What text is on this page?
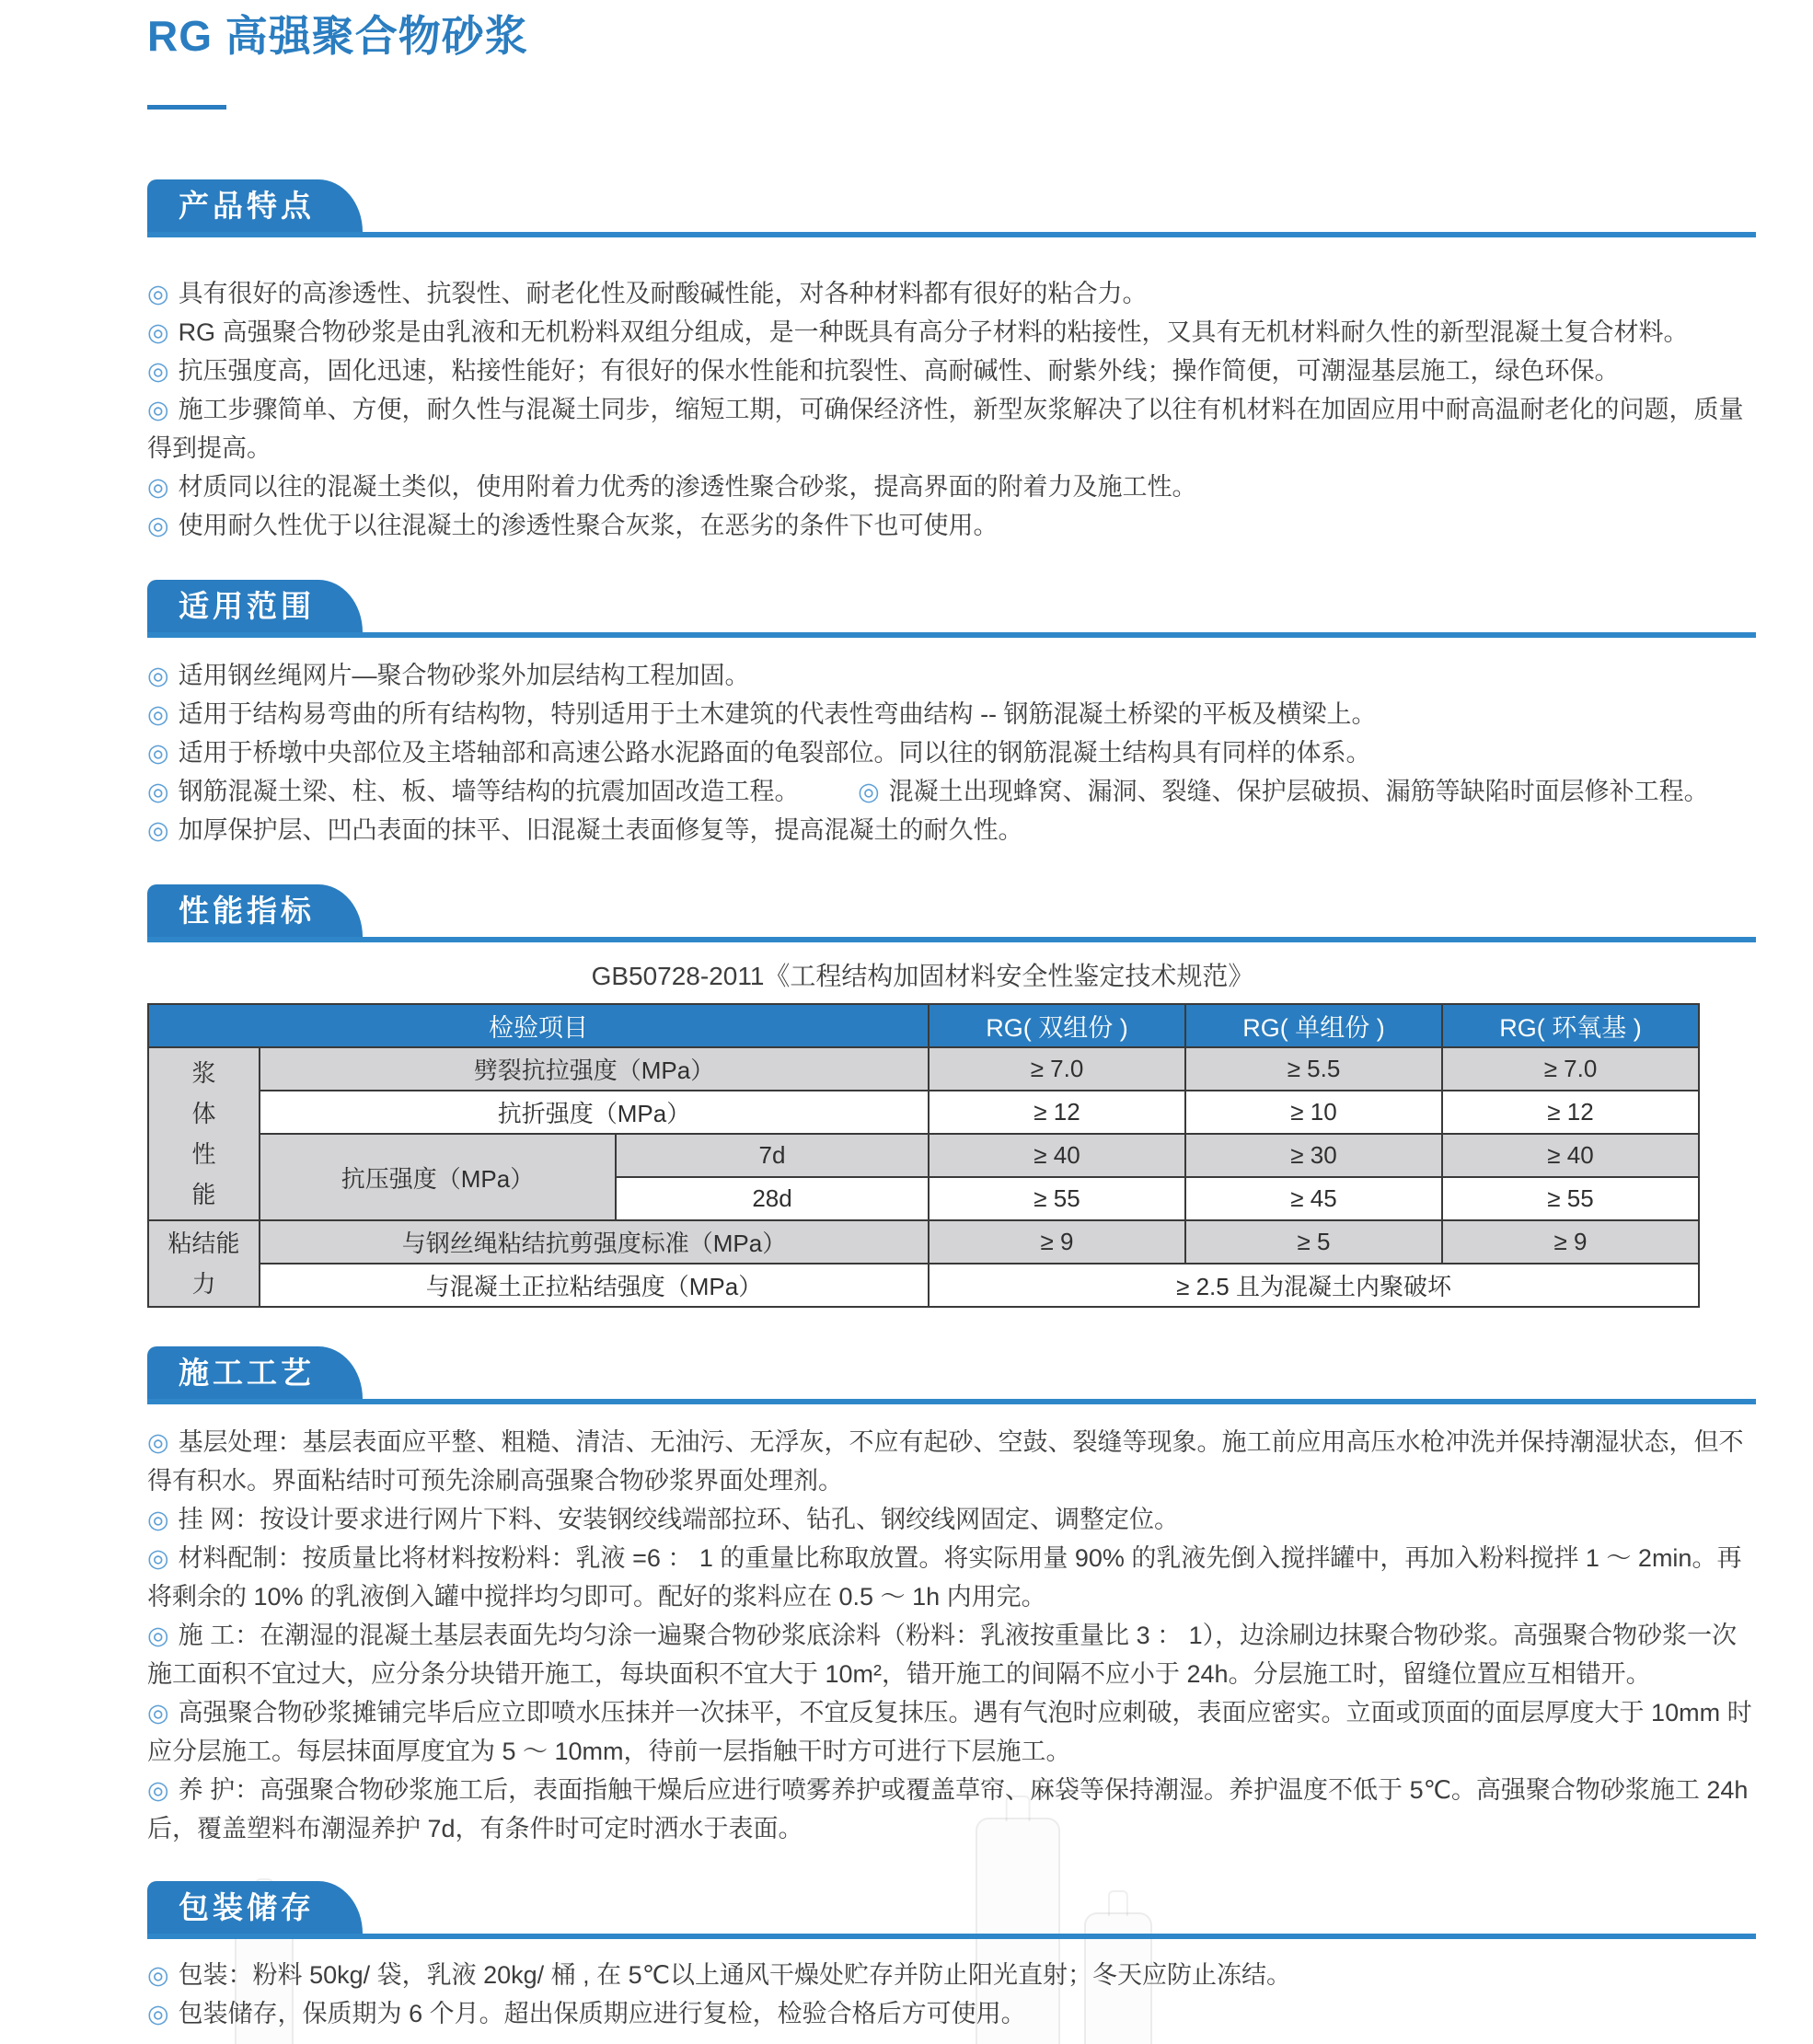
RG 高强聚合物砂浆
产品特点

◎ 具有很好的高渗透性、抗裂性、耐老化性及耐酸碱性能，对各种材料都有很好的粘合力。

◎ RG 高强聚合物砂浆是由乳液和无机粉料双组分组成，是一种既具有高分子材料的粘接性，又具有无机材料耐久性的新型混凝土复合材料。

◎ 抗压强度高，固化迅速，粘接性能好；有很好的保水性能和抗裂性、高耐碱性、耐紫外线；操作简便，可潮湿基层施工，绿色环保。

◎ 施工步骤简单、方便，耐久性与混凝土同步，缩短工期，可确保经济性，新型灰浆解决了以往有机材料在加固应用中耐高温耐老化的问题，质量得到提高。

◎ 材质同以往的混凝土类似，使用附着力优秀的渗透性聚合砂浆，提高界面的附着力及施工性。

◎ 使用耐久性优于以往混凝土的渗透性聚合灰浆，在恶劣的条件下也可使用。

适用范围

◎ 适用钢丝绳网片—聚合物砂浆外加层结构工程加固。

◎ 适用于结构易弯曲的所有结构物，特别适用于土木建筑的代表性弯曲结构 -- 钢筋混凝土桥梁的平板及横梁上。

◎ 适用于桥墩中央部位及主塔轴部和高速公路水泥路面的龟裂部位。同以往的钢筋混凝土结构具有同样的体系。

◎ 钢筋混凝土梁、柱、板、墙等结构的抗震加固改造工程。 ◎ 混凝土出现蜂窝、漏洞、裂缝、保护层破损、漏筋等缺陷时面层修补工程。

◎ 加厚保护层、凹凸表面的抹平、旧混凝土表面修复等，提高混凝土的耐久性。

性能指标
GB50728-2011《工程结构加固材料安全性鉴定技术规范》
检验项目			RG( 双组份 )	RG( 单组份 )	RG( 环氧基 )

浆体性能	劈裂抗拉强度（MPa）		≥ 7.0	≥ 5.5	≥ 7.0
	抗折强度（MPa）		≥ 12	≥ 10	≥ 12
	抗压强度（MPa）	7d	≥ 40	≥ 30	≥ 40
		28d	≥ 55	≥ 45	≥ 55

粘结能力	与钢丝绳粘结抗剪强度标准（MPa）		≥ 9	≥ 5	≥ 9
	与混凝土正拉粘结强度（MPa）		≥ 2.5 且为混凝土内聚破坏		
施工工艺

◎ 基层处理：基层表面应平整、粗糙、清洁、无油污、无浮灰，不应有起砂、空鼓、裂缝等现象。施工前应用高压水枪冲洗并保持潮湿状态，但不得有积水。界面粘结时可预先涂刷高强聚合物砂浆界面处理剂。

◎ 挂 网：按设计要求进行网片下料、安装钢绞线端部拉环、钻孔、钢绞线网固定、调整定位。

◎ 材料配制：按质量比将材料按粉料：乳液 =6 ： 1 的重量比称取放置。将实际用量 90% 的乳液先倒入搅拌罐中，再加入粉料搅拌 1 ～ 2min。再将剩余的 10% 的乳液倒入罐中搅拌均匀即可。配好的浆料应在 0.5 ～ 1h 内用完。

◎ 施 工：在潮湿的混凝土基层表面先均匀涂一遍聚合物砂浆底涂料（粉料：乳液按重量比 3 ： 1），边涂刷边抹聚合物砂浆。高强聚合物砂浆一次施工面积不宜过大，应分条分块错开施工，每块面积不宜大于 10m²，错开施工的间隔不应小于 24h。分层施工时，留缝位置应互相错开。

◎ 高强聚合物砂浆摊铺完毕后应立即喷水压抹并一次抹平，不宜反复抹压。遇有气泡时应刺破，表面应密实。立面或顶面的面层厚度大于 10mm 时应分层施工。每层抹面厚度宜为 5 ～ 10mm，待前一层指触干时方可进行下层施工。

◎ 养 护：高强聚合物砂浆施工后，表面指触干燥后应进行喷雾养护或覆盖草帘、麻袋等保持潮湿。养护温度不低于 5℃。高强聚合物砂浆施工 24h 后，覆盖塑料布潮湿养护 7d，有条件时可定时洒水于表面。

包装储存

◎ 包装：粉料 50kg/ 袋，乳液 20kg/ 桶 , 在 5℃以上通风干燥处贮存并防止阳光直射；冬天应防止冻结。

◎ 包装储存，保质期为 6 个月。超出保质期应进行复检，检验合格后方可使用。
